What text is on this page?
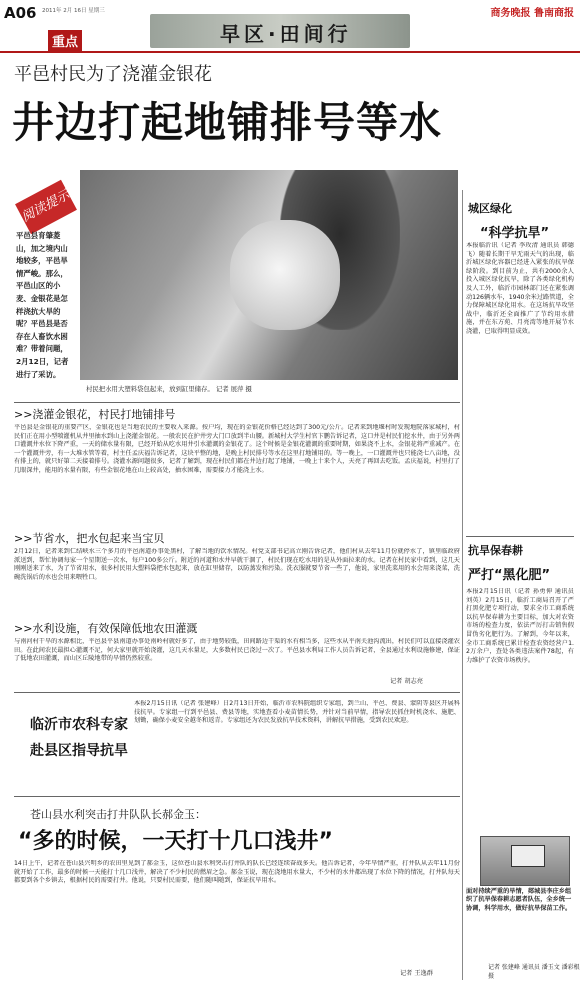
A06 2011年 2月 16日 星期三
重点	早区·田间行
商务晚报 鲁南商报
平邑村民为了浇灌金银花
井边打起地铺排号等水
阅读提示
平邑县育肇菱山，加之境内山地较多，平邑旱情严峻。那么，平邑山区的小麦、金银花是怎样浇抗大旱的呢？平邑县是否存在人畜饮水困难？带着问题，2月12日，记者进行了采访。
村民把水用大塑料袋包起来，放到缸里储存。 记者 展萍 摄
城区绿化
“科学抗旱”
本报临沂讯（记者 李玫清 通讯员 韩德飞）随着长期干旱无雨天气的出现，临沂城区绿化容器已经进入紧张的抗旱保绿阶段。到目前为止，共有2000余人投入城区绿化抗旱，除了各类绿化机构及人工外，临沂市园林部门还在紧张调动126辆水车，1940余米过路管道，全力保障城区绿化用水。在这场抗旱攻坚战中，临沂还全面推广了节约用水措施，并在东方苑、月亮湾等地开展节水浇灌，已取得明显成效。
抗旱保春耕
严打“黑化肥”
本报2月15日讯（记者 孙勇伸 通讯员 刘英）2月15日，临沂工商局召开了严打黑化肥专项行动，要求全市工商系统以抗旱保春耕为主要目标，加大对农资市场的检查力度，依法严厉打击销售假冒伪劣化肥行为。了解到，今年以来，全市工商系统已累计检查农资经营户1.2万余户，查处各类违法案件78起，有力维护了农资市场秩序。
面对持续严重的旱情，郯城县李庄乡组织了抗旱保春耕志愿者队伍，全乡统一协调，科学用水，做好抗旱保苗工作。
记者 张建峰 通讯员 潘玉文 潘彩根 摄
>>浇灌金银花，村民打地铺排号
平邑县是金银花的重要产区，金银花也是当地农民的主要收入来源。按户均，现在的金银花价格已经达到了300元/公斤。记者来到地堰村时发现地院落家城村，村民们正在用小型喷灌机从井里抽水到山上浇灌金银花。一般农民在护井旁大门口放到半山腰。新城村大学生村官卞鹏告诉记者，这口井是村民们挖水井，由于另外两口灌溉井水位下降严重，一天的储水量有限，已经开始从吃水用井引水灌溉的金银花了。这个时候是金银花灌溉的重要时期，如果浇不上水，金银花将严重减产。在一个灌溉井旁，有一大堆水管等着，村主任孟庆福告诉记者，这块平整的地，是晚上村民排号等水在这里打地铺用的。等一晚上，一口灌溉井也只能浇七八亩地，没有排上的，就只好第二天接着排号。浇灌水源问题很多，记者了解到，现在村民们都在井边打起了地铺，一晚上十来个人，天亮了再回去吃饭。孟庆福说，村里打了几眼深井，能用的水量有限，有些金银花地在山上较高处，抽水困难，需要接力才能浇上水。
>>节省水，把水包起来当宝贝
2月12日，记者来到仁结峡水三个多月的平邑南道办事处黑村，了解当地的饮水情况。村党支部书记高立刚告诉记者，他们村从去年11月份就停水了，镇里临政府派送到，帮忙协调每家一个星期送一次水，每户100多公斤。附近的河道和水井早就干涸了，村民们现在吃水用的是从外面拉来的水。记者在村民家中看到，这几天刚刚送来了水，为了节省用水，很多村民用大塑料袋把水包起来，放在缸里储存，以防蒸发和污染。洗衣服就要节省一些了，他说，家里洗菜用的水会用来浇菜，洗碗洗锅后的水也会用来喂牲口。
>>水利设施，有效保障低地农田灌溉
与南河村干旱的水源相比，平邑县平县南道办事处南岭村就好多了，由于地势较低，田间路边干渠的水有相当多，这些水从平南关池沟流出，村民们可以直接浇灌农田。在此间农民最担心灌溉不足，何大家里就开始浇灌，这几天水量足，大多数村民已浇过一次了。平邑县水利局工作人员告诉记者，全县通过水利设施修建，保证了低地农田灌溉，而山区丘陵地带的旱情仍然较重。
记者 胡志亮
临沂市农科专家
赴县区指导抗旱
本报2月15日讯（记者 张建峰）日2月13日开始，临沂市农科院组织专家组，到兰山、平邑、费县、蒙阴等县区开展科技抗旱。专家组一行到平邑县、费县等地，实地查看小麦苗情长势，并针对当前旱情，指导农民抓住时机浇水、施肥、划锄，确保小麦安全越冬和返青。专家组还为农民发放抗旱技术资料，讲解抗旱措施，受到农民欢迎。
苍山县水利突击打井队队长郝金玉：
“多的时候，一天打十几口浅井”
14日上午，记者在苍山县兴明乡的农田里见到了郝金玉，这位苍山县水利突击打井队的队长已经连续奋战多天。他告诉记者，今年旱情严重，打井队从去年11月份就开始了工作，最多的时候一天能打十几口浅井，解决了不少村民的燃眉之急。郝金玉说，现在浇地用水量大，不少村的水井都出现了水位下降的情况，打井队每天都要到各个乡镇去，根据村民的需要打井。他说，只要村民需要，他们随叫随到，保证抗旱用水。
记者 王逸群
